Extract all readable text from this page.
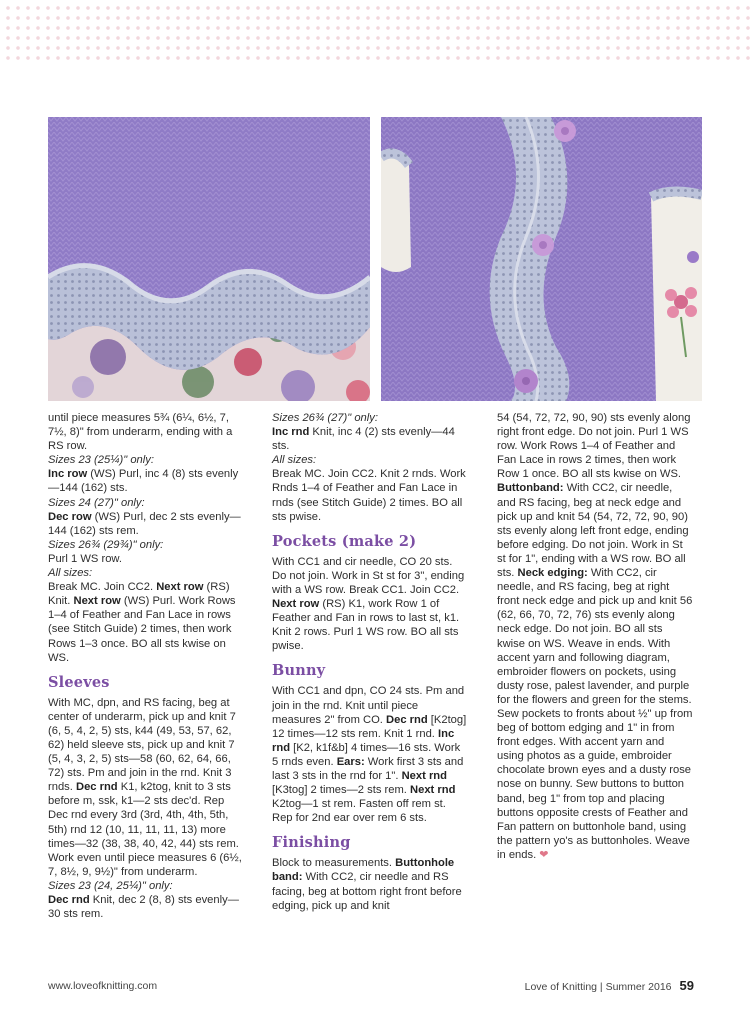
until piece measures 5¾ (6¼, 6½, 7, 7½, 8)" from underarm, ending with a RS row.

Sizes 23 (25¼)" only:

Inc row (WS) Purl, inc 4 (8) sts evenly—144 (162) sts.

Sizes 24 (27)" only:

Dec row (WS) Purl, dec 2 sts evenly—144 (162) sts rem.

Sizes 26¾ (29¾)" only:

Purl 1 WS row.

All sizes:

Break MC. Join CC2. Next row (RS) Knit. Next row (WS) Purl. Work Rows 1–4 of Feather and Fan Lace in rows (see Stitch Guide) 2 times, then work Rows 1–3 once. BO all sts kwise on WS.

Sleeves

With MC, dpn, and RS facing, beg at center of underarm, pick up and knit 7 (6, 5, 4, 2, 5) sts, k44 (49, 53, 57, 62, 62) held sleeve sts, pick up and knit 7 (5, 4, 3, 2, 5) sts—58 (60, 62, 64, 66, 72) sts. Pm and join in the rnd. Knit 3 rnds. Dec rnd K1, k2tog, knit to 3 sts before m, ssk, k1—2 sts dec'd. Rep Dec rnd every 3rd (3rd, 4th, 4th, 5th, 5th) rnd 12 (10, 11, 11, 11, 13) more times—32 (38, 38, 40, 42, 44) sts rem. Work even until piece measures 6 (6½, 7, 8½, 9, 9½)" from underarm.

Sizes 23 (24, 25¼)" only:

Dec rnd Knit, dec 2 (8, 8) sts evenly—30 sts rem.

Sizes 26¾ (27)" only:

Inc rnd Knit, inc 4 (2) sts evenly—44 sts.

All sizes:

Break MC. Join CC2. Knit 2 rnds. Work Rnds 1–4 of Feather and Fan Lace in rnds (see Stitch Guide) 2 times. BO all sts pwise.

Pockets (make 2)

With CC1 and cir needle, CO 20 sts. Do not join. Work in St st for 3", ending with a WS row. Break CC1. Join CC2. Next row (RS) K1, work Row 1 of Feather and Fan in rows to last st, k1. Knit 2 rows. Purl 1 WS row. BO all sts pwise.

Bunny

With CC1 and dpn, CO 24 sts. Pm and join in the rnd. Knit until piece measures 2" from CO. Dec rnd [K2tog] 12 times—12 sts rem. Knit 1 rnd. Inc rnd [K2, k1f&b] 4 times—16 sts. Work 5 rnds even. Ears: Work first 3 sts and last 3 sts in the rnd for 1". Next rnd [K3tog] 2 times—2 sts rem. Next rnd K2tog—1 st rem. Fasten off rem st. Rep for 2nd ear over rem 6 sts.

Finishing

Block to measurements. Buttonhole band: With CC2, cir needle and RS facing, beg at bottom right front before edging, pick up and knit

54 (54, 72, 72, 90, 90) sts evenly along right front edge. Do not join. Purl 1 WS row. Work Rows 1–4 of Feather and Fan Lace in rows 2 times, then work Row 1 once. BO all sts kwise on WS. Buttonband: With CC2, cir needle, and RS facing, beg at neck edge and pick up and knit 54 (54, 72, 72, 90, 90) sts evenly along left front edge, ending before edging. Do not join. Work in St st for 1", ending with a WS row. BO all sts. Neck edging: With CC2, cir needle, and RS facing, beg at right front neck edge and pick up and knit 56 (62, 66, 70, 72, 76) sts evenly along neck edge. Do not join. BO all sts kwise on WS. Weave in ends. With accent yarn and following diagram, embroider flowers on pockets, using dusty rose, palest lavender, and purple for the flowers and green for the stems. Sew pockets to fronts about ½" up from beg of bottom edging and 1" in from front edges. With accent yarn and using photos as a guide, embroider chocolate brown eyes and a dusty rose nose on bunny. Sew buttons to button band, beg 1" from top and placing buttons opposite crests of Feather and Fan pattern on buttonhole band, using the pattern yo's as buttonholes. Weave in ends. ❤

www.loveofknitting.com	Love of Knitting | Summer 2016 59
